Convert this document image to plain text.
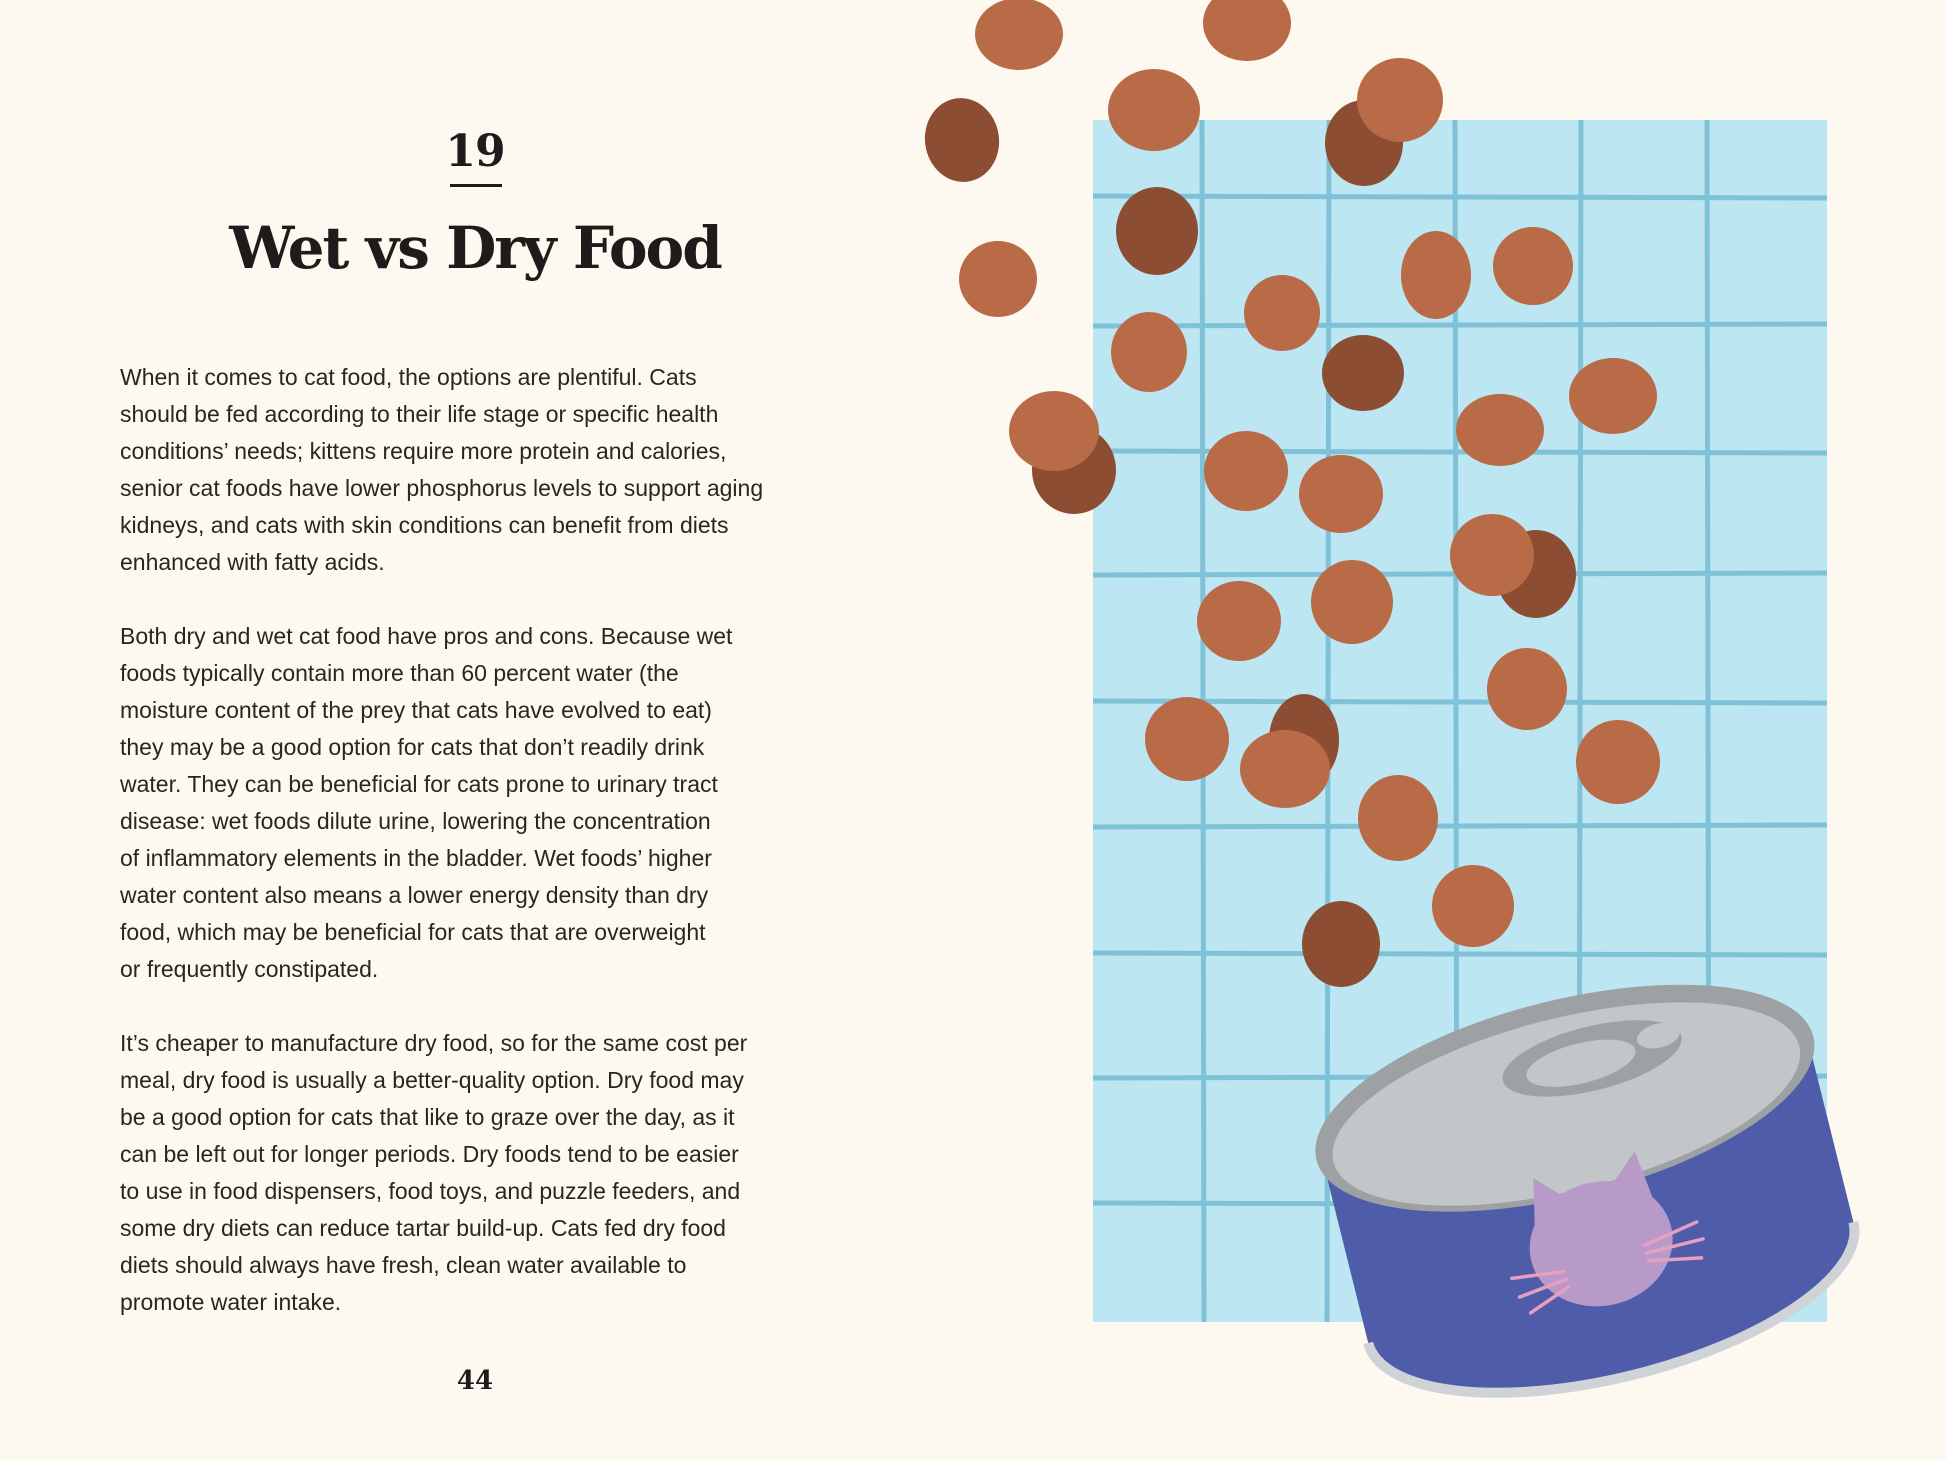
19
Wet vs Dry Food

When it comes to cat food, the options are plentiful. Cats
should be fed according to their life stage or specific health
conditions’ needs; kittens require more protein and calories,
senior cat foods have lower phosphorus levels to support aging
kidneys, and cats with skin conditions can benefit from diets
enhanced with fatty acids.

Both dry and wet cat food have pros and cons. Because wet
foods typically contain more than 60 percent water (the
moisture content of the prey that cats have evolved to eat)
they may be a good option for cats that don’t readily drink
water. They can be beneficial for cats prone to urinary tract
disease: wet foods dilute urine, lowering the concentration
of inflammatory elements in the bladder. Wet foods’ higher
water content also means a lower energy density than dry
food, which may be beneficial for cats that are overweight
or frequently constipated.

It’s cheaper to manufacture dry food, so for the same cost per
meal, dry food is usually a better-quality option. Dry food may
be a good option for cats that like to graze over the day, as it
can be left out for longer periods. Dry foods tend to be easier
to use in food dispensers, food toys, and puzzle feeders, and
some dry diets can reduce tartar build-up. Cats fed dry food
diets should always have fresh, clean water available to
promote water intake.

44
